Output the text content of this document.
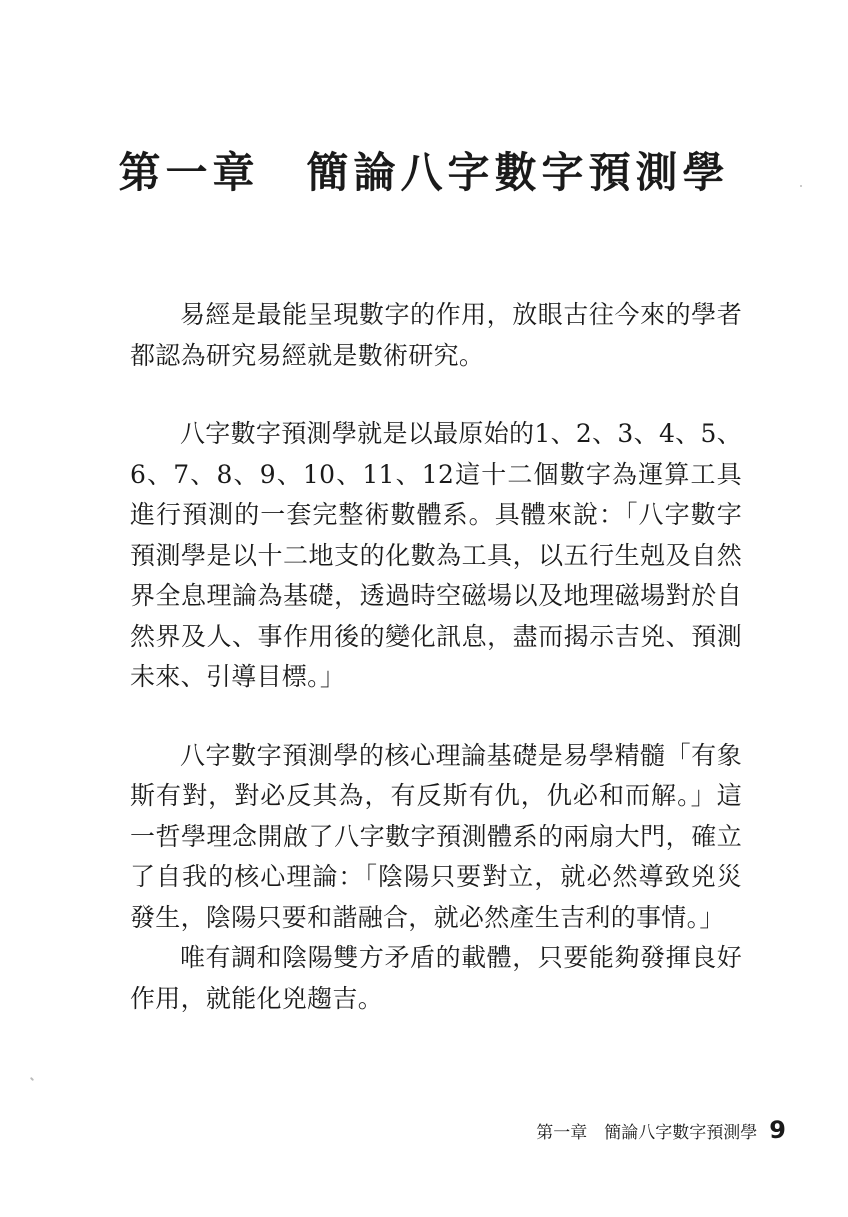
第一章　簡論八字數字預測學

易經是最能呈現數字的作用，放眼古往今來的學者都認為研究易經就是數術研究。

八字數字預測學就是以最原始的1、2、3、4、5、6、7、8、9、10、11、12這十二個數字為運算工具進行預測的一套完整術數體系。具體來說：「八字數字預測學是以十二地支的化數為工具，以五行生剋及自然界全息理論為基礎，透過時空磁場以及地理磁場對於自然界及人、事作用後的變化訊息，盡而揭示吉兇、預測未來、引導目標。」

八字數字預測學的核心理論基礎是易學精髓「有象斯有對，對必反其為，有反斯有仇，仇必和而解。」這一哲學理念開啟了八字數字預測體系的兩扇大門，確立了自我的核心理論：「陰陽只要對立，就必然導致兇災發生，陰陽只要和諧融合，就必然產生吉利的事情。」

唯有調和陰陽雙方矛盾的載體，只要能夠發揮良好作用，就能化兇趨吉。

第一章　簡論八字數字預測學 9
